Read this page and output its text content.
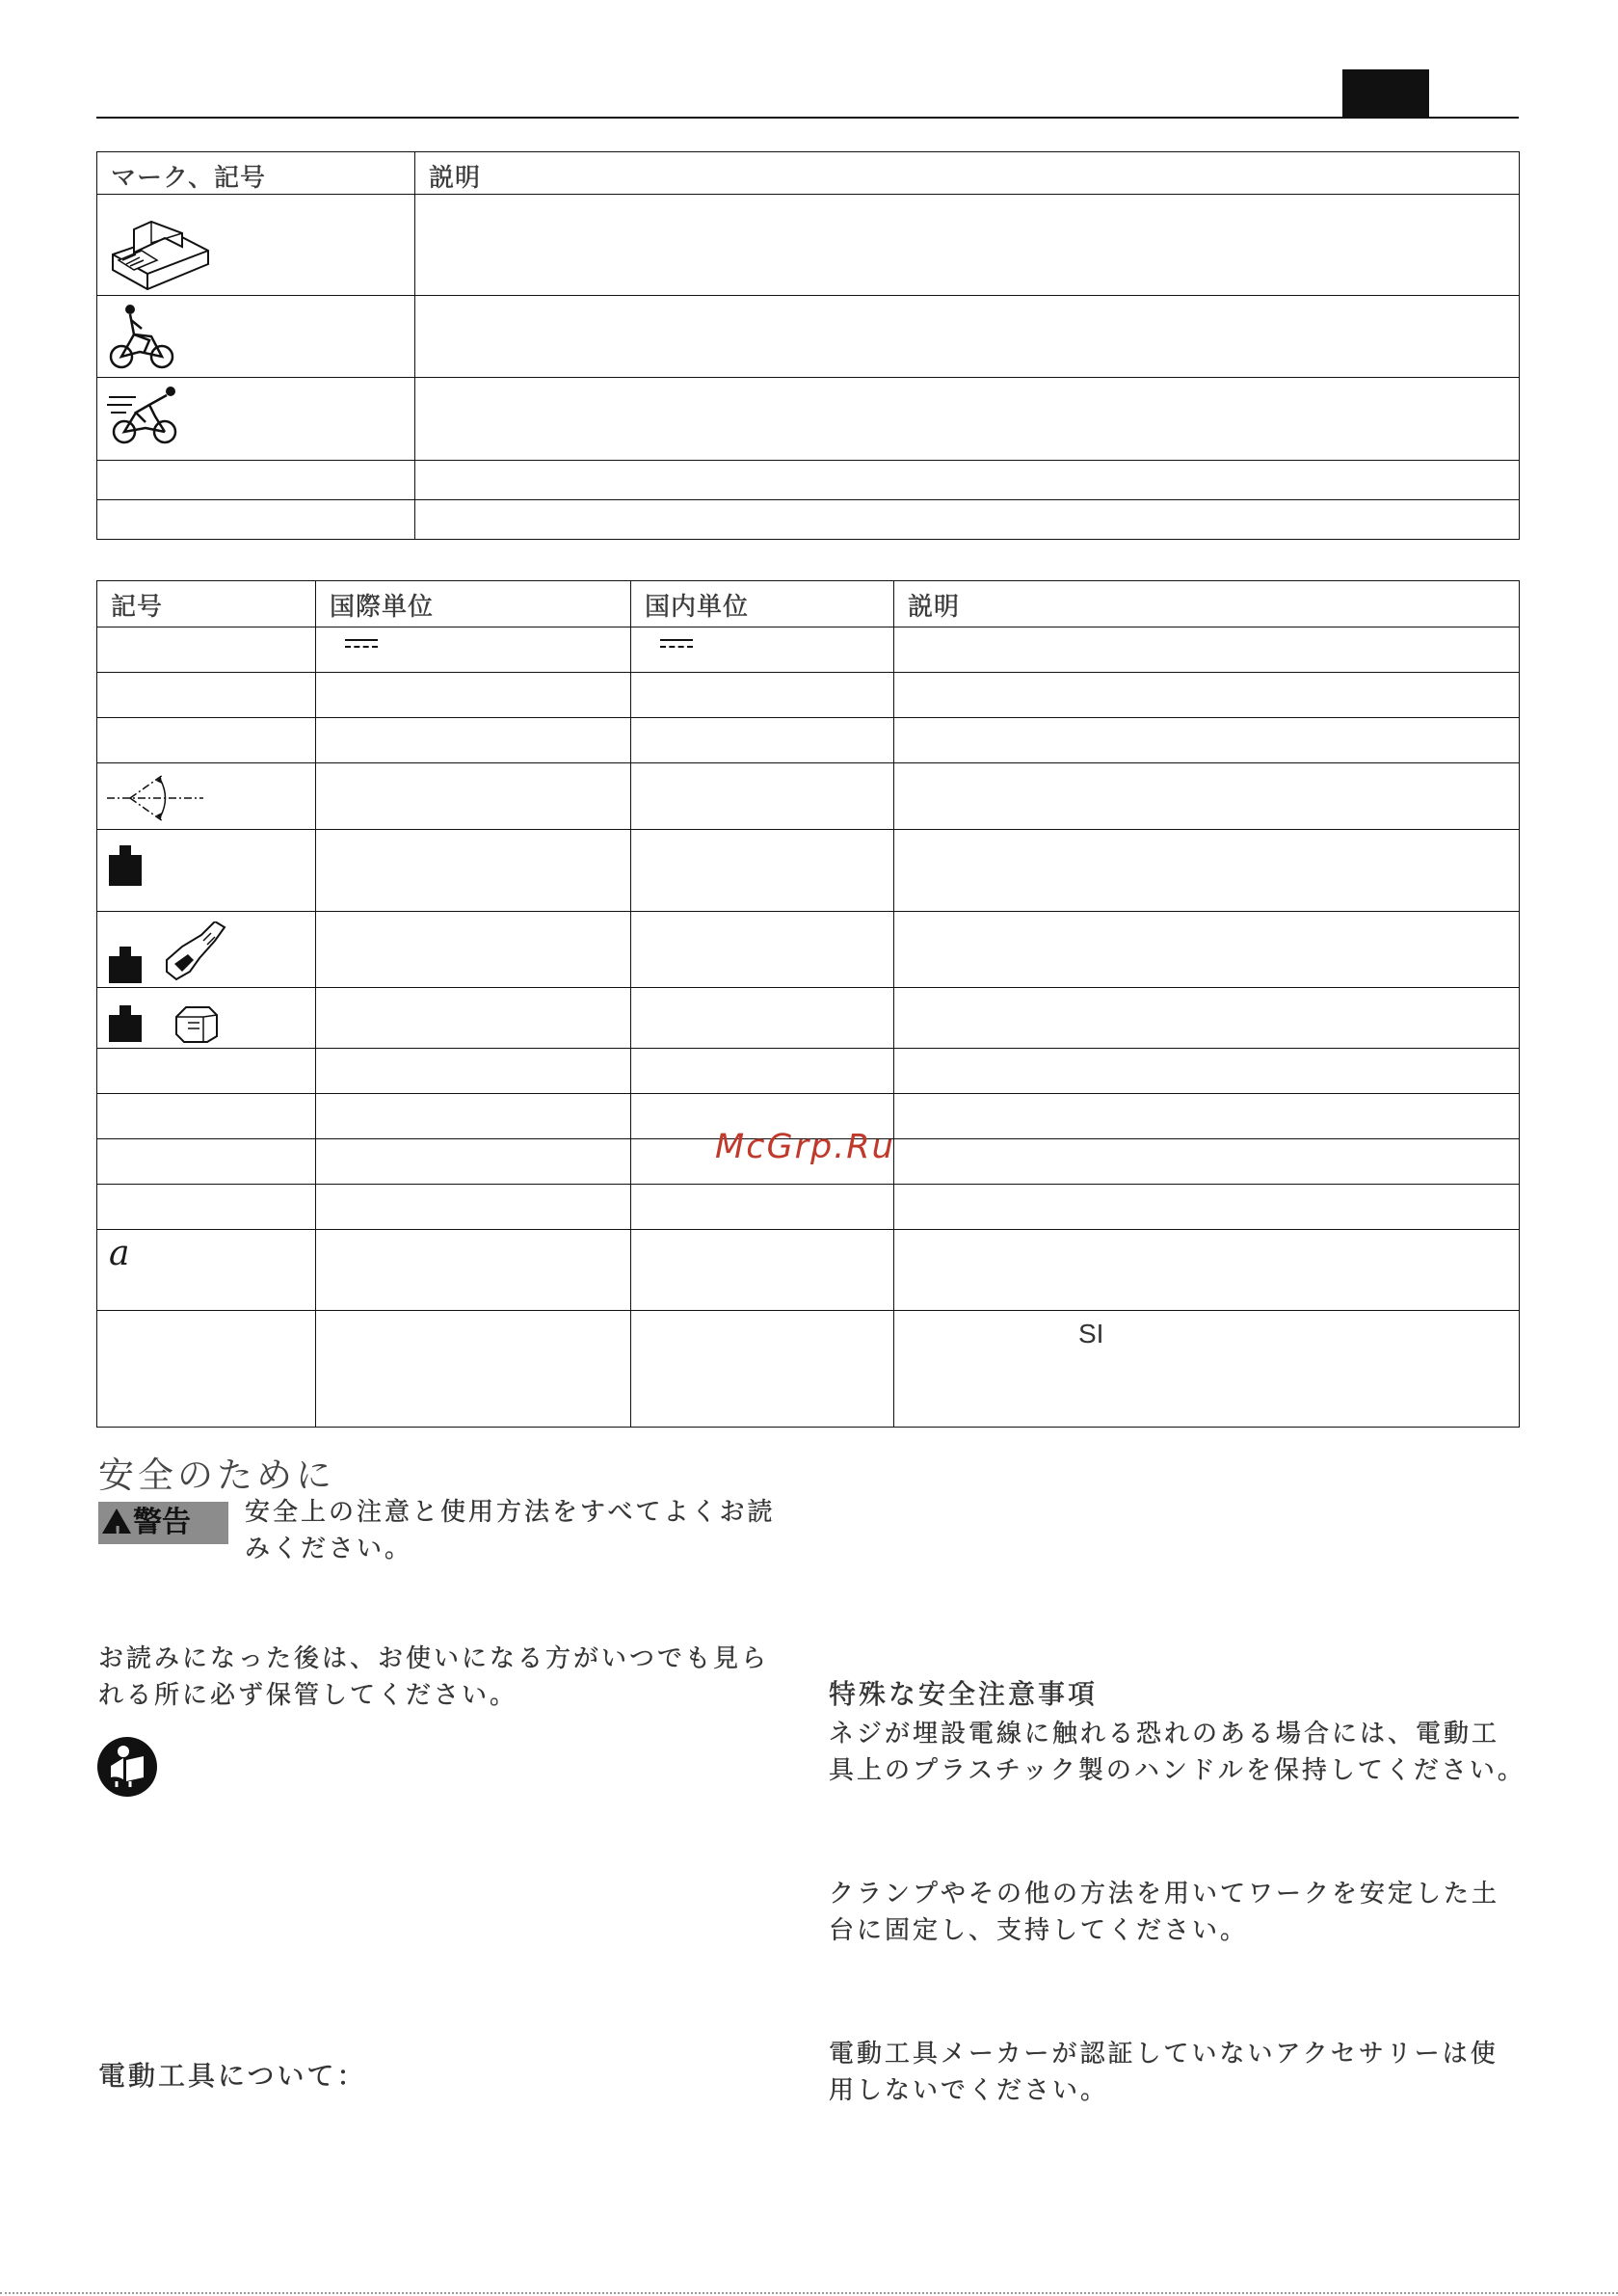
マーク、記号	説明

記号	国際単位	国内単位	説明

a			
			SI
McGrp.Ru
安全のために
!警告	安全上の注意と使用方法をすべてよくお読
みください。
お読みになった後は、お使いになる方がいつでも見ら
れる所に必ず保管してください。
電動工具について：
特殊な安全注意事項
ネジが埋設電線に触れる恐れのある場合には、電動工
具上のプラスチック製のハンドルを保持してください。
クランプやその他の方法を用いてワークを安定した土
台に固定し、支持してください。
電動工具メーカーが認証していないアクセサリーは使
用しないでください。
